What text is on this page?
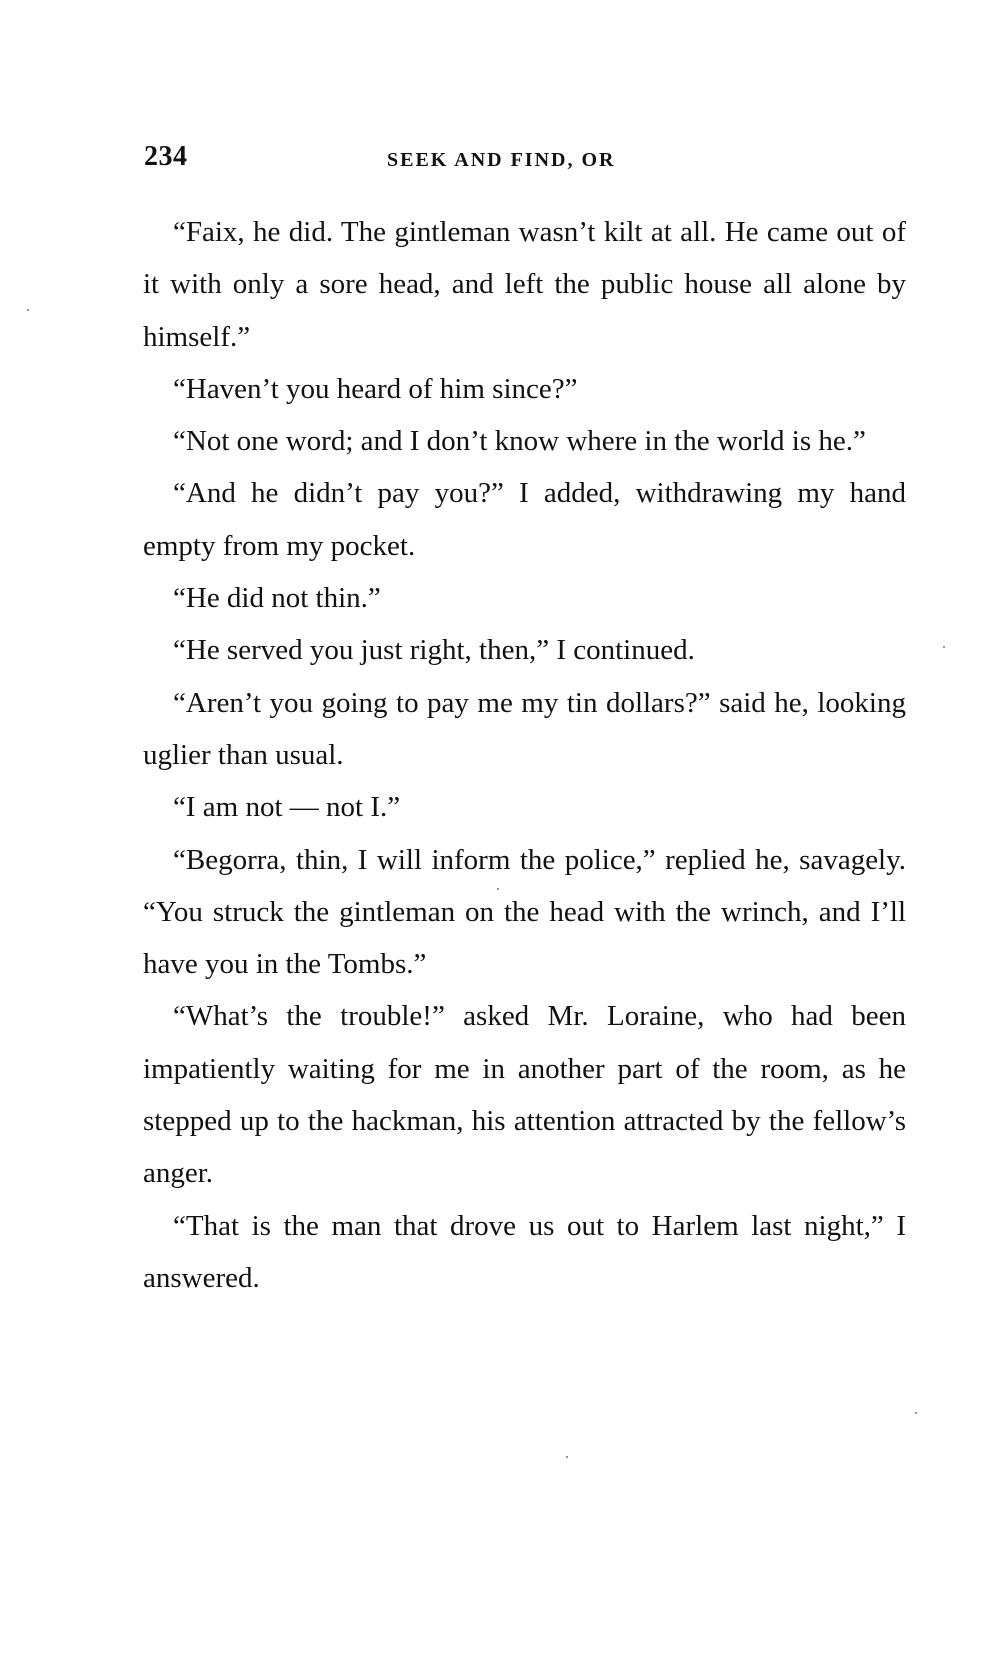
234	SEEK AND FIND, OR

“Faix, he did. The gintleman wasn’t kilt at all. He came out of it with only a sore head, and left the public house all alone by himself.”

“Haven’t you heard of him since?”

“Not one word; and I don’t know where in the world is he.”

“And he didn’t pay you?” I added, withdrawing my hand empty from my pocket.

“He did not thin.”

“He served you just right, then,” I continued.

“Aren’t you going to pay me my tin dollars?” said he, looking uglier than usual.

“I am not — not I.”

“Begorra, thin, I will inform the police,” replied he, savagely. “You struck the gintleman on the head with the wrinch, and I’ll have you in the Tombs.”

“What’s the trouble!” asked Mr. Loraine, who had been impatiently waiting for me in another part of the room, as he stepped up to the hackman, his attention attracted by the fellow’s anger.

“That is the man that drove us out to Harlem last night,” I answered.
